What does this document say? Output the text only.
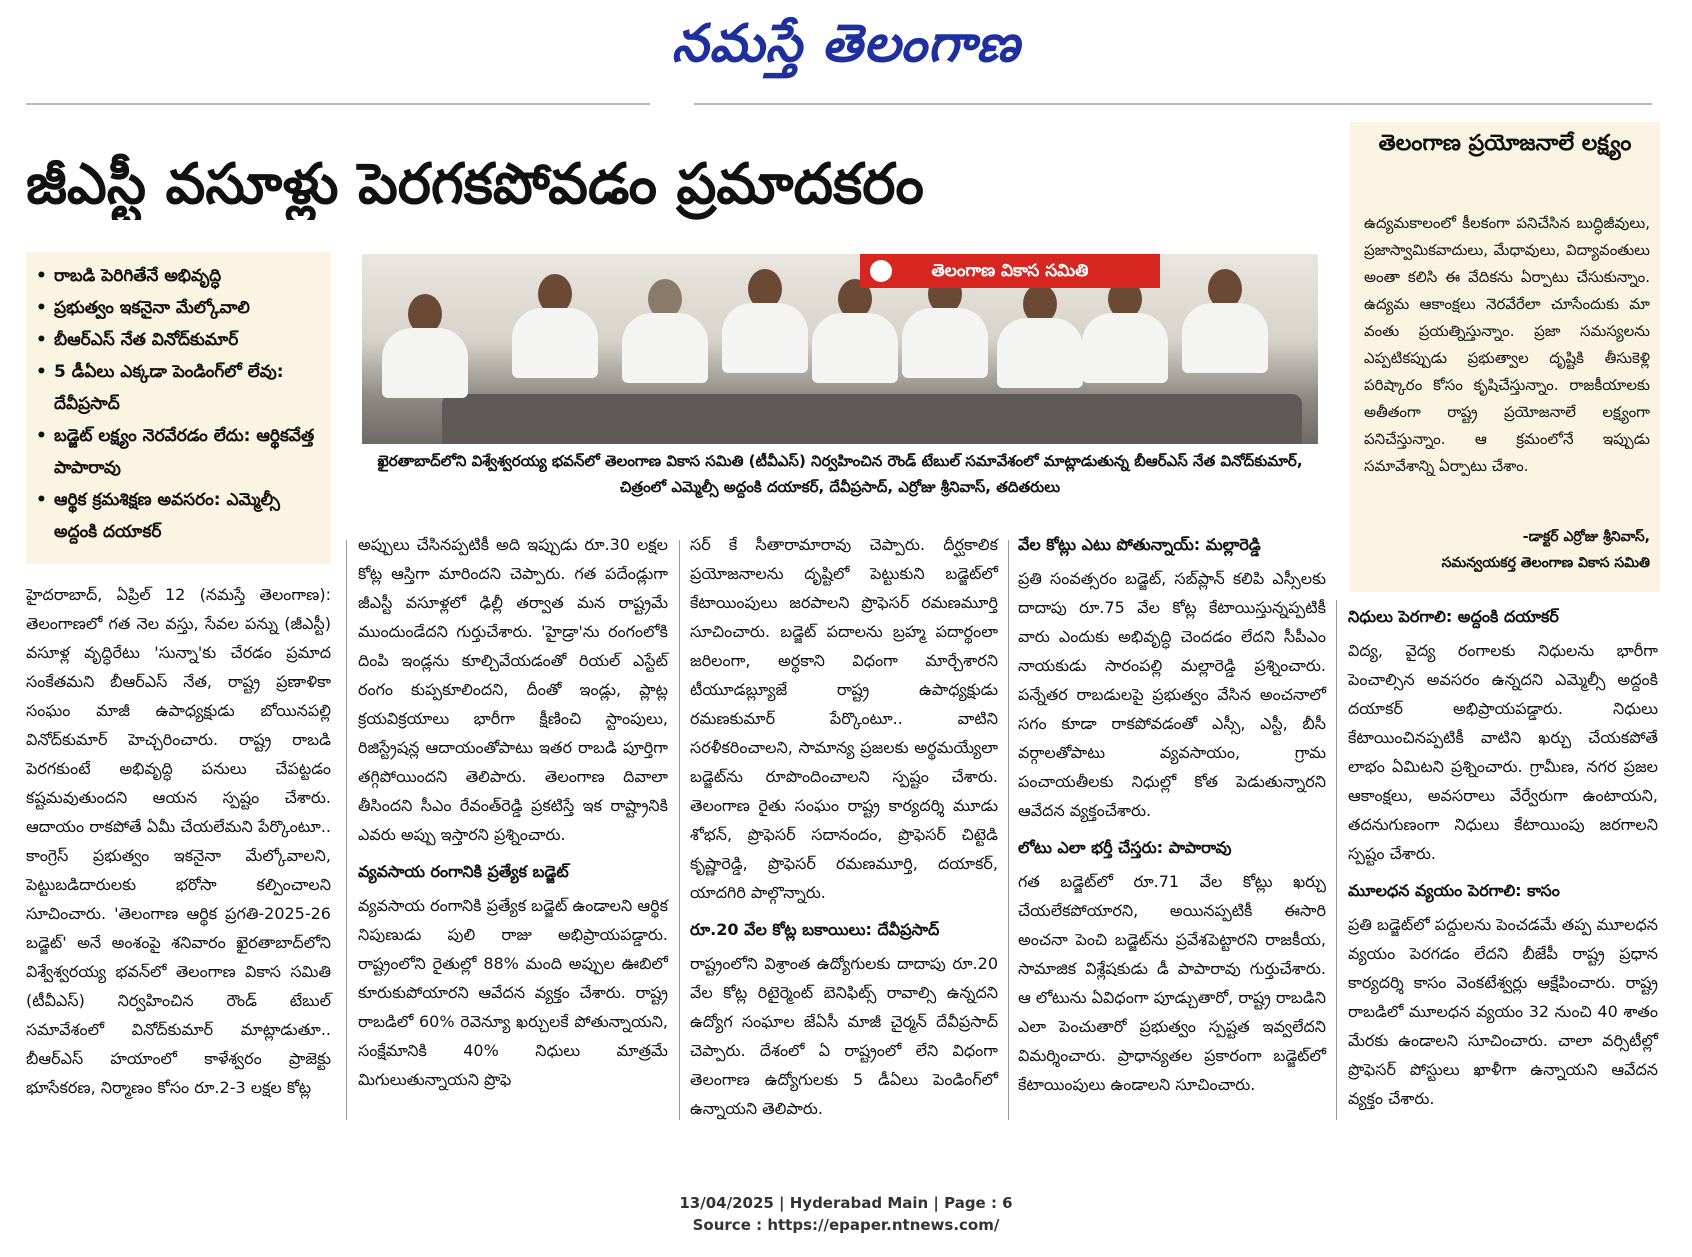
నమస్తే తెలంగాణ
జీఎస్టీ వసూళ్లు పెరగకపోవడం ప్రమాదకరం
• రాబడి పెరిగితేనే అభివృద్ధి
• ప్రభుత్వం ఇకనైనా మేల్కోవాలి
• బీఆర్‌ఎస్ నేత వినోద్‌కుమార్
• 5 డీఏలు ఎక్కడా పెండింగ్‌లో లేవు: దేవీప్రసాద్
• బడ్జెట్ లక్ష్యం నెరవేరడం లేదు: ఆర్థికవేత్త పాపారావు
• ఆర్థిక క్రమశిక్షణ అవసరం: ఎమ్మెల్సీ అద్దంకి దయాకర్
తెలంగాణ వికాస సమితి
ఖైరతాబాద్‌లోని విశ్వేశ్వరయ్య భవన్‌లో తెలంగాణ వికాస సమితి (టీవీఎస్) నిర్వహించిన రౌండ్ టేబుల్ సమావేశంలో మాట్లాడుతున్న బీఆర్‌ఎస్ నేత వినోద్‌కుమార్, చిత్రంలో ఎమ్మెల్సీ అద్దంకి దయాకర్, దేవీప్రసాద్, ఎర్రోజు శ్రీనివాస్, తదితరులు
తెలంగాణ ప్రయోజనాలే లక్ష్యం
ఉద్యమకాలంలో కీలకంగా పనిచేసిన బుద్ధిజీవులు, ప్రజాస్వామికవాదులు, మేధావులు, విద్యావంతులు అంతా కలిసి ఈ వేదికను ఏర్పాటు చేసుకున్నాం. ఉద్యమ ఆకాంక్షలు నెరవేరేలా చూసేందుకు మా వంతు ప్రయత్నిస్తున్నాం. ప్రజా సమస్యలను ఎప్పటికప్పుడు ప్రభుత్వాల దృష్టికి తీసుకెళ్లి పరిష్కారం కోసం కృషిచేస్తున్నాం. రాజకీయాలకు అతీతంగా రాష్ట్ర ప్రయోజనాలే లక్ష్యంగా పనిచేస్తున్నాం. ఆ క్రమంలోనే ఇప్పుడు సమావేశాన్ని ఏర్పాటు చేశాం.
-డాక్టర్ ఎర్రోజు శ్రీనివాస్,
సమన్వయకర్త తెలంగాణ వికాస సమితి

హైదరాబాద్, ఏప్రిల్ 12 (నమస్తే తెలంగాణ): తెలంగాణలో గత నెల వస్తు, సేవల పన్ను (జీఎస్టీ) వసూళ్ల వృద్ధిరేటు 'సున్నా'కు చేరడం ప్రమాద సంకేతమని బీఆర్‌ఎస్ నేత, రాష్ట్ర ప్రణాళికా సంఘం మాజీ ఉపాధ్యక్షుడు బోయినపల్లి వినోద్‌కుమార్ హెచ్చరించారు. రాష్ట్ర రాబడి పెరగకుంటే అభివృద్ధి పనులు చేపట్టడం కష్టమవుతుందని ఆయన స్పష్టం చేశారు. ఆదాయం రాకపోతే ఏమీ చేయలేమని పేర్కొంటూ.. కాంగ్రెస్ ప్రభుత్వం ఇకనైనా మేల్కోవాలని, పెట్టుబడిదారులకు భరోసా కల్పించాలని సూచించారు. 'తెలంగాణ ఆర్థిక ప్రగతి-2025-26 బడ్జెట్' అనే అంశంపై శనివారం ఖైరతాబాద్‌లోని విశ్వేశ్వరయ్య భవన్‌లో తెలంగాణ వికాస సమితి (టీవీఎస్) నిర్వహించిన రౌండ్ టేబుల్ సమావేశంలో వినోద్‌కుమార్ మాట్లాడుతూ.. బీఆర్‌ఎస్ హయాంలో కాళేశ్వరం ప్రాజెక్టు భూసేకరణ, నిర్మాణం కోసం రూ.2-3 లక్షల కోట్ల

అప్పులు చేసినప్పటికీ అది ఇప్పుడు రూ.30 లక్షల కోట్ల ఆస్తిగా మారిందని చెప్పారు. గత పదేండ్లుగా జీఎస్టీ వసూళ్లలో ఢిల్లీ తర్వాత మన రాష్ట్రమే ముందుండేదని గుర్తుచేశారు. 'హైడ్రా'ను రంగంలోకి దింపి ఇండ్లను కూల్చివేయడంతో రియల్ ఎస్టేట్ రంగం కుప్పకూలిందని, దీంతో ఇండ్లు, ప్లాట్ల క్రయవిక్రయాలు భారీగా క్షీణించి స్టాంపులు, రిజిస్ట్రేషన్ల ఆదాయంతోపాటు ఇతర రాబడి పూర్తిగా తగ్గిపోయిందని తెలిపారు. తెలంగాణ దివాలా తీసిందని సీఎం రేవంత్‌రెడ్డి ప్రకటిస్తే ఇక రాష్ట్రానికి ఎవరు అప్పు ఇస్తారని ప్రశ్నించారు.

వ్యవసాయ రంగానికి ప్రత్యేక బడ్జెట్

వ్యవసాయ రంగానికి ప్రత్యేక బడ్జెట్ ఉండాలని ఆర్థిక నిపుణుడు పులి రాజు అభిప్రాయపడ్డారు. రాష్ట్రంలోని రైతుల్లో 88% మంది అప్పుల ఊబిలో కూరుకుపోయారని ఆవేదన వ్యక్తం చేశారు. రాష్ట్ర రాబడిలో 60% రెవెన్యూ ఖర్చులకే పోతున్నాయని, సంక్షేమానికి 40% నిధులు మాత్రమే మిగులుతున్నాయని ప్రొఫె

సర్ కే సీతారామారావు చెప్పారు. దీర్ఘకాలిక ప్రయోజనాలను దృష్టిలో పెట్టుకుని బడ్జెట్‌లో కేటాయింపులు జరపాలని ప్రొఫెసర్ రమణమూర్తి సూచించారు. బడ్జెట్ పదాలను బ్రహ్మ పదార్థంలా జరిలంగా, అర్థకాని విధంగా మార్చేశారని టీయూడబ్ల్యూజే రాష్ట్ర ఉపాధ్యక్షుడు రమణకుమార్ పేర్కొంటూ.. వాటిని సరళీకరించాలని, సామాన్య ప్రజలకు అర్థమయ్యేలా బడ్జెట్‌ను రూపొందించాలని స్పష్టం చేశారు. తెలంగాణ రైతు సంఘం రాష్ట్ర కార్యదర్శి మూడు శోభన్, ప్రొఫెసర్ సదానందం, ప్రొఫెసర్ చిట్టెడి కృష్ణారెడ్డి, ప్రొఫెసర్ రమణమూర్తి, దయాకర్, యాదగిరి పాల్గొన్నారు.

రూ.20 వేల కోట్ల బకాయిలు: దేవీప్రసాద్

రాష్ట్రంలోని విశ్రాంత ఉద్యోగులకు దాదాపు రూ.20 వేల కోట్ల రిటైర్మెంట్ బెనిఫిట్స్ రావాల్సి ఉన్నదని ఉద్యోగ సంఘాల జేఏసీ మాజీ చైర్మన్ దేవీప్రసాద్ చెప్పారు. దేశంలో ఏ రాష్ట్రంలో లేని విధంగా తెలంగాణ ఉద్యోగులకు 5 డీఏలు పెండింగ్‌లో ఉన్నాయని తెలిపారు.

వేల కోట్లు ఎటు పోతున్నాయ్: మల్లారెడ్డి

ప్రతి సంవత్సరం బడ్జెట్, సబ్‌ప్లాన్ కలిపి ఎస్సీలకు దాదాపు రూ.75 వేల కోట్ల కేటాయిస్తున్నప్పటికీ వారు ఎందుకు అభివృద్ధి చెందడం లేదని సీపీఎం నాయకుడు సారంపల్లి మల్లారెడ్డి ప్రశ్నించారు. పన్నేతర రాబడులపై ప్రభుత్వం వేసిన అంచనాలో సగం కూడా రాకపోవడంతో ఎస్సీ, ఎస్టీ, బీసీ వర్గాలతోపాటు వ్యవసాయం, గ్రామ పంచాయతీలకు నిధుల్లో కోత పెడుతున్నారని ఆవేదన వ్యక్తంచేశారు.

లోటు ఎలా భర్తీ చేస్తరు: పాపారావు

గత బడ్జెట్‌లో రూ.71 వేల కోట్లు ఖర్చు చేయలేకపోయారని, అయినప్పటికీ ఈసారి అంచనా పెంచి బడ్జెట్‌ను ప్రవేశపెట్టారని రాజకీయ, సామాజిక విశ్లేషకుడు డీ పాపారావు గుర్తుచేశారు. ఆ లోటును ఏవిధంగా పూడ్చుతారో, రాష్ట్ర రాబడిని ఎలా పెంచుతారో ప్రభుత్వం స్పష్టత ఇవ్వలేదని విమర్శించారు. ప్రాధాన్యతల ప్రకారంగా బడ్జెట్‌లో కేటాయింపులు ఉండాలని సూచించారు.

నిధులు పెరగాలి: అద్దంకి దయాకర్

విద్య, వైద్య రంగాలకు నిధులను భారీగా పెంచాల్సిన అవసరం ఉన్నదని ఎమ్మెల్సీ అద్దంకి దయాకర్ అభిప్రాయపడ్డారు. నిధులు కేటాయించినప్పటికీ వాటిని ఖర్చు చేయకపోతే లాభం ఏమిటని ప్రశ్నించారు. గ్రామీణ, నగర ప్రజల ఆకాంక్షలు, అవసరాలు వేర్వేరుగా ఉంటాయని, తదనుగుణంగా నిధులు కేటాయింపు జరగాలని స్పష్టం చేశారు.

మూలధన వ్యయం పెరగాలి: కాసం

ప్రతి బడ్జెట్‌లో పద్దులను పెంచడమే తప్ప మూలధన వ్యయం పెరగడం లేదని బీజేపీ రాష్ట్ర ప్రధాన కార్యదర్శి కాసం వెంకటేశ్వర్లు ఆక్షేపించారు. రాష్ట్ర రాబడిలో మూలధన వ్యయం 32 నుంచి 40 శాతం మేరకు ఉండాలని సూచించారు. చాలా వర్సిటీల్లో ప్రొఫెసర్ పోస్టులు ఖాళీగా ఉన్నాయని ఆవేదన వ్యక్తం చేశారు.

13/04/2025 | Hyderabad Main | Page : 6
Source : https://epaper.ntnews.com/
